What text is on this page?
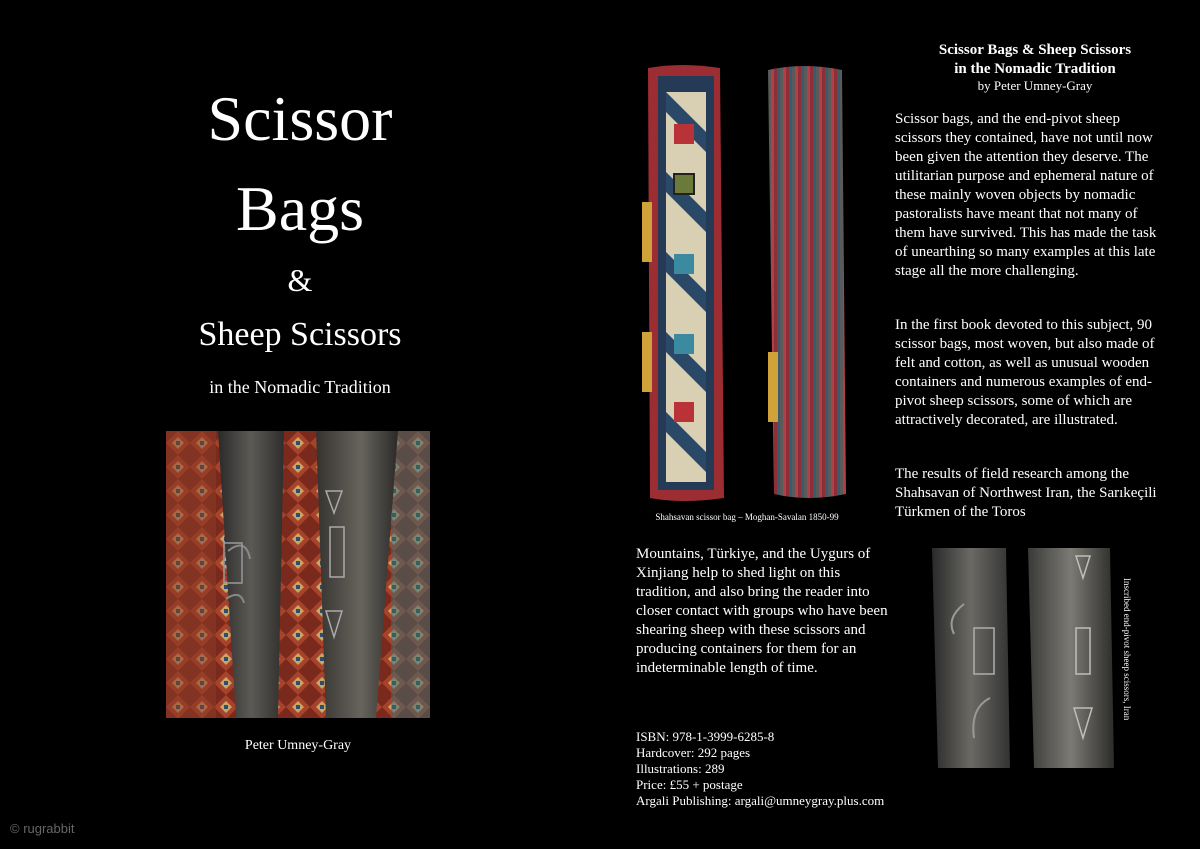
Scissor
Bags
&
Sheep Scissors
in the Nomadic Tradition
Peter Umney-Gray
Shahsavan scissor bag – Moghan-Savalan 1850-99
Scissor Bags & Sheep Scissors
in the Nomadic Tradition
by Peter Umney-Gray
Scissor bags, and the end-pivot sheep scissors they contained, have not until now been given the attention they deserve. The utilitarian purpose and ephemeral nature of these mainly woven objects by nomadic pastoralists have meant that not many of them have survived. This has made the task of unearthing so many examples at this late stage all the more challenging.
In the first book devoted to this subject, 90 scissor bags, most woven, but also made of felt and cotton, as well as unusual wooden containers and numerous examples of end-pivot sheep scissors, some of which are attractively decorated, are illustrated.
The results of field research among the Shahsavan of Northwest Iran, the Sarıkeçili Türkmen of the Toros
Mountains, Türkiye, and the Uygurs of Xinjiang help to shed light on this tradition, and also bring the reader into closer contact with groups who have been shearing sheep with these scissors and producing containers for them for an indeterminable length of time.
ISBN: 978-1-3999-6285-8
Hardcover: 292 pages
Illustrations: 289
Price: £55 + postage
Argali Publishing: argali@umneygray.plus.com
Inscribed end-pivot sheep scissors, Iran
© rugrabbit
